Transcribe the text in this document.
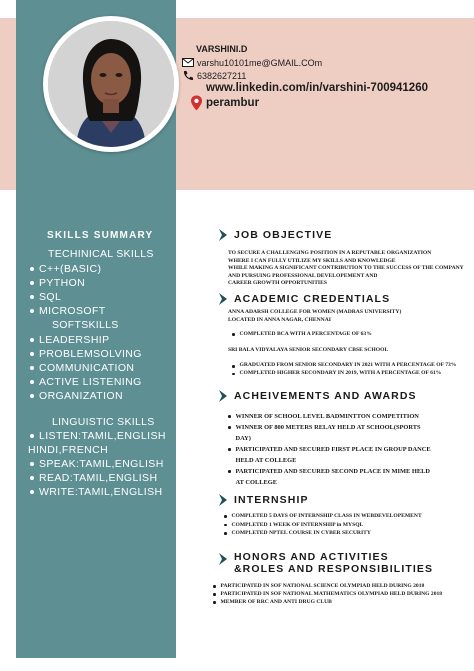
VARSHINI.D
varshu10101me@GMAIL.COm
6382627211
www.linkedin.com/in/varshini-700941260
perambur
SKILLS SUMMARY
TECHINICAL SKILLS
C++(BASIC)
PYTHON
SQL
MICROSOFT
SOFTSKILLS
LEADERSHIP
PROBLEMSOLVING
COMMUNICATION
ACTIVE LISTENING
ORGANIZATION
LINGUISTIC SKILLS
LISTEN:TAMIL,ENGLISH
HINDI,FRENCH
SPEAK:TAMIL,ENGLISH
READ:TAMIL,ENGLISH
WRITE:TAMIL,ENGLISH
JOB OBJECTIVE
TO SECURE A CHALLENGING POSITION IN A REPUTABLE ORGANIZATION
WHERE I CAN FULLY UTILIZE MY SKILLS AND KNOWLEDGE
WHILE MAKING A SIGNIFICANT CONTRIBUTION TO THE SUCCESS OF THE COMPANY
AND PURSUING PROFESSIONAL DEVELOPEMENT AND
CAREER GROWTH OPPORTUNITIES
ACADEMIC CREDENTIALS
ANNA ADARSH COLLEGE FOR WOMEN (MADRAS UNIVERSITY)
LOCATED IN ANNA NAGAR, CHENNAI
COMPLETED BCA WITH A PERCENTAGE OF 63%
SRI BALA VIDYALAYA SENIOR SECONDARY CBSE SCHOOL
GRADUATED FROM SENIOR SECONDARY IN 2021 WITH A PERCENTAGE OF 73%
COMPLETED HIGHER SECONDARY IN 2019, WITH A PERCENTAGE OF 61%
ACHEIVEMENTS AND AWARDS
WINNER OF SCHOOL LEVEL BADMINTTON COMPETITION
WINNER OF 800 METERS RELAY HELD AT SCHOOL(SPORTS
DAY)
PARTICIPATED AND SECURED FIRST PLACE IN GROUP DANCE
HELD AT COLLEGE
PARTICIPATED AND SECURED SECOND PLACE IN MIME HELD
AT COLLEGE
INTERNSHIP
COMPLETED 5 DAYS OF INTERNSHIP CLASS IN WEBDEVELOPEMENT
COMPLETED 1 WEEK OF INTERNSHIP in MYSQL
COMPLETED NPTEL COURSE IN CYBER SECURITY
HONORS AND ACTIVITIES
&ROLES AND RESPONSIBILITIES
PARTICIPATED IN SOF NATIONAL SCIENCE OLYMPIAD HELD DURING 2018
PARTICIPATED IN SOF NATIONAL MATHEMATICS OLYMPIAD HELD DURING 2018
MEMBER OF RRC AND ANTI DRUG CLUB
